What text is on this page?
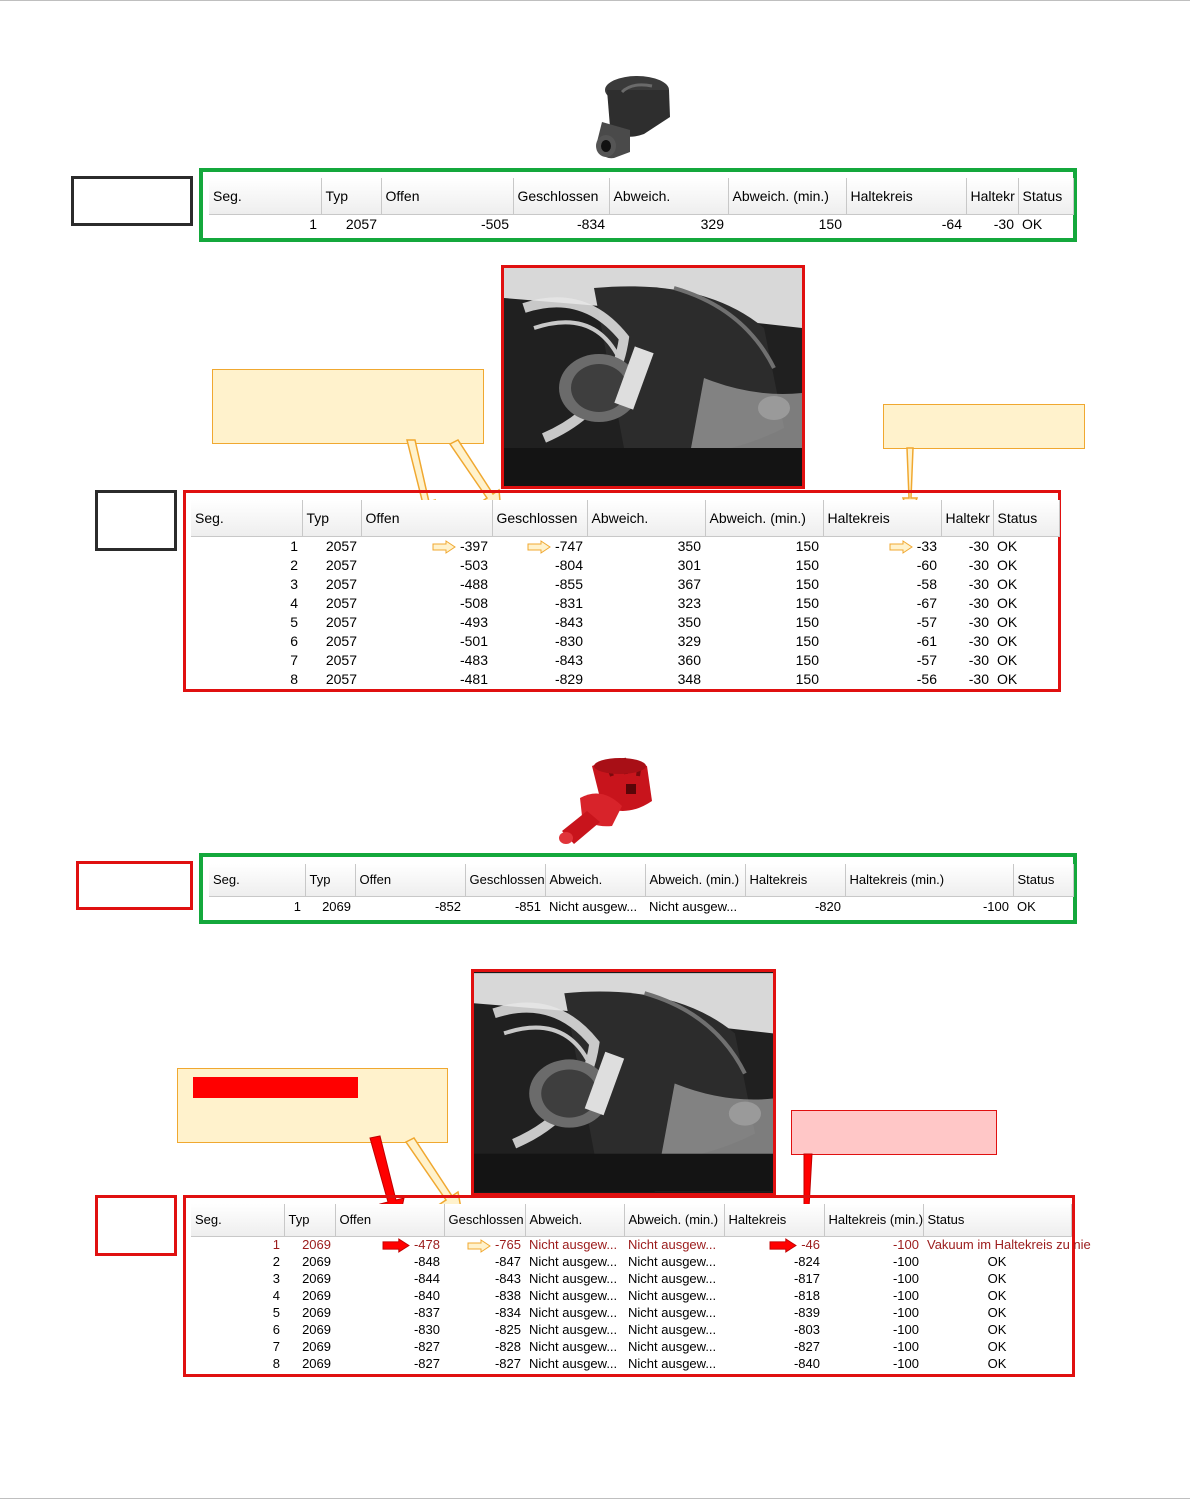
Seg.	Typ	Offen	Geschlossen	Abweich.	Abweich. (min.)	Haltekreis	Haltekr	Status
1	2057	-505	-834	329	150	-64	-30	OK
Seg.	Typ	Offen	Geschlossen	Abweich.	Abweich. (min.)	Haltekreis	Haltekr	Status
1	2057	-397	-747	350	150	-33	-30	OK
2	2057	-503	-804	301	150	-60	-30	OK
3	2057	-488	-855	367	150	-58	-30	OK
4	2057	-508	-831	323	150	-67	-30	OK
5	2057	-493	-843	350	150	-57	-30	OK
6	2057	-501	-830	329	150	-61	-30	OK
7	2057	-483	-843	360	150	-57	-30	OK
8	2057	-481	-829	348	150	-56	-30	OK
Seg.	Typ	Offen	Geschlossen	Abweich.	Abweich. (min.)	Haltekreis	Haltekreis (min.)	Status
1	2069	-852	-851	Nicht ausgew...	Nicht ausgew...	-820	-100	OK
Seg.	Typ	Offen	Geschlossen	Abweich.	Abweich. (min.)	Haltekreis	Haltekreis (min.)	Status
1	2069	-478	-765	Nicht ausgew...	Nicht ausgew...	-46	-100	Vakuum im Haltekreis zu nie
2	2069	-848	-847	Nicht ausgew...	Nicht ausgew...	-824	-100	OK
3	2069	-844	-843	Nicht ausgew...	Nicht ausgew...	-817	-100	OK
4	2069	-840	-838	Nicht ausgew...	Nicht ausgew...	-818	-100	OK
5	2069	-837	-834	Nicht ausgew...	Nicht ausgew...	-839	-100	OK
6	2069	-830	-825	Nicht ausgew...	Nicht ausgew...	-803	-100	OK
7	2069	-827	-828	Nicht ausgew...	Nicht ausgew...	-827	-100	OK
8	2069	-827	-827	Nicht ausgew...	Nicht ausgew...	-840	-100	OK
